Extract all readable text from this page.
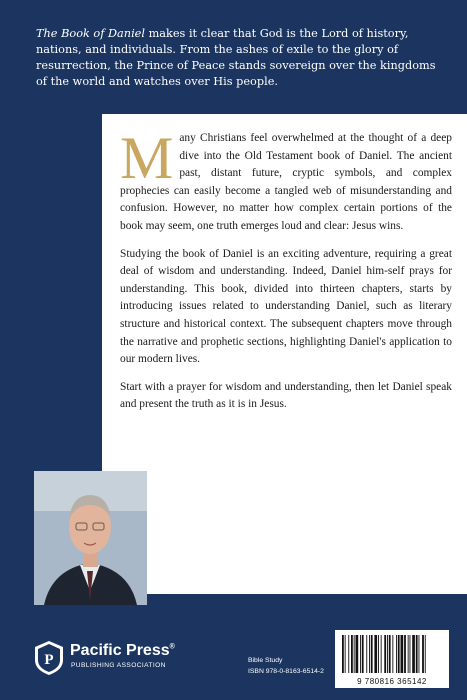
The Book of Daniel makes it clear that God is the Lord of history, nations, and individuals. From the ashes of exile to the glory of resurrection, the Prince of Peace stands sovereign over the kingdoms of the world and watches over His people.

Many Christians feel overwhelmed at the thought of a deep dive into the Old Testament book of Daniel. The ancient past, distant future, cryptic symbols, and complex prophecies can easily become a tangled web of misunderstanding and confusion. However, no matter how complex certain portions of the book may seem, one truth emerges loud and clear: Jesus wins.

Studying the book of Daniel is an exciting adventure, requiring a great deal of wisdom and understanding. Indeed, Daniel him-self prays for understanding. This book, divided into thirteen chapters, starts by introducing issues related to understanding Daniel, such as literary structure and historical context. The subsequent chapters move through the narrative and prophetic sections, highlighting Daniel's application to our modern lives.

Start with a prayer for wisdom and understanding, then let Daniel speak and present the truth as it is in Jesus.

ELIAS BRASIL DE SOUZA serves as director of the Biblical Research Institute at the General Conference of the Seventh-day Adventists World Headquarters. Previously, he served as a church pastor in the Southern Brazil Union and professor of biblical studies, and dean of the Theological Seminary at Northeast Brazil College in Bahia, Brazil. He holds a BA and MA in theology from the Latin American Adventist Theological Seminary, and a PhD in Old Testament from Andrews University. His main areas of interest are the sanctuary, hermeneutics, and the Hebrew language. He has authored, co-authored, and published several academic publications in English, Spanish, and Portuguese. He is married to Magela Meire, and they have two sons, Guilherme and Gustavo.
P
Pacific Press®
PUBLISHING ASSOCIATION
Bible Study
ISBN 978-0-8163-6514-2
9 780816 365142
